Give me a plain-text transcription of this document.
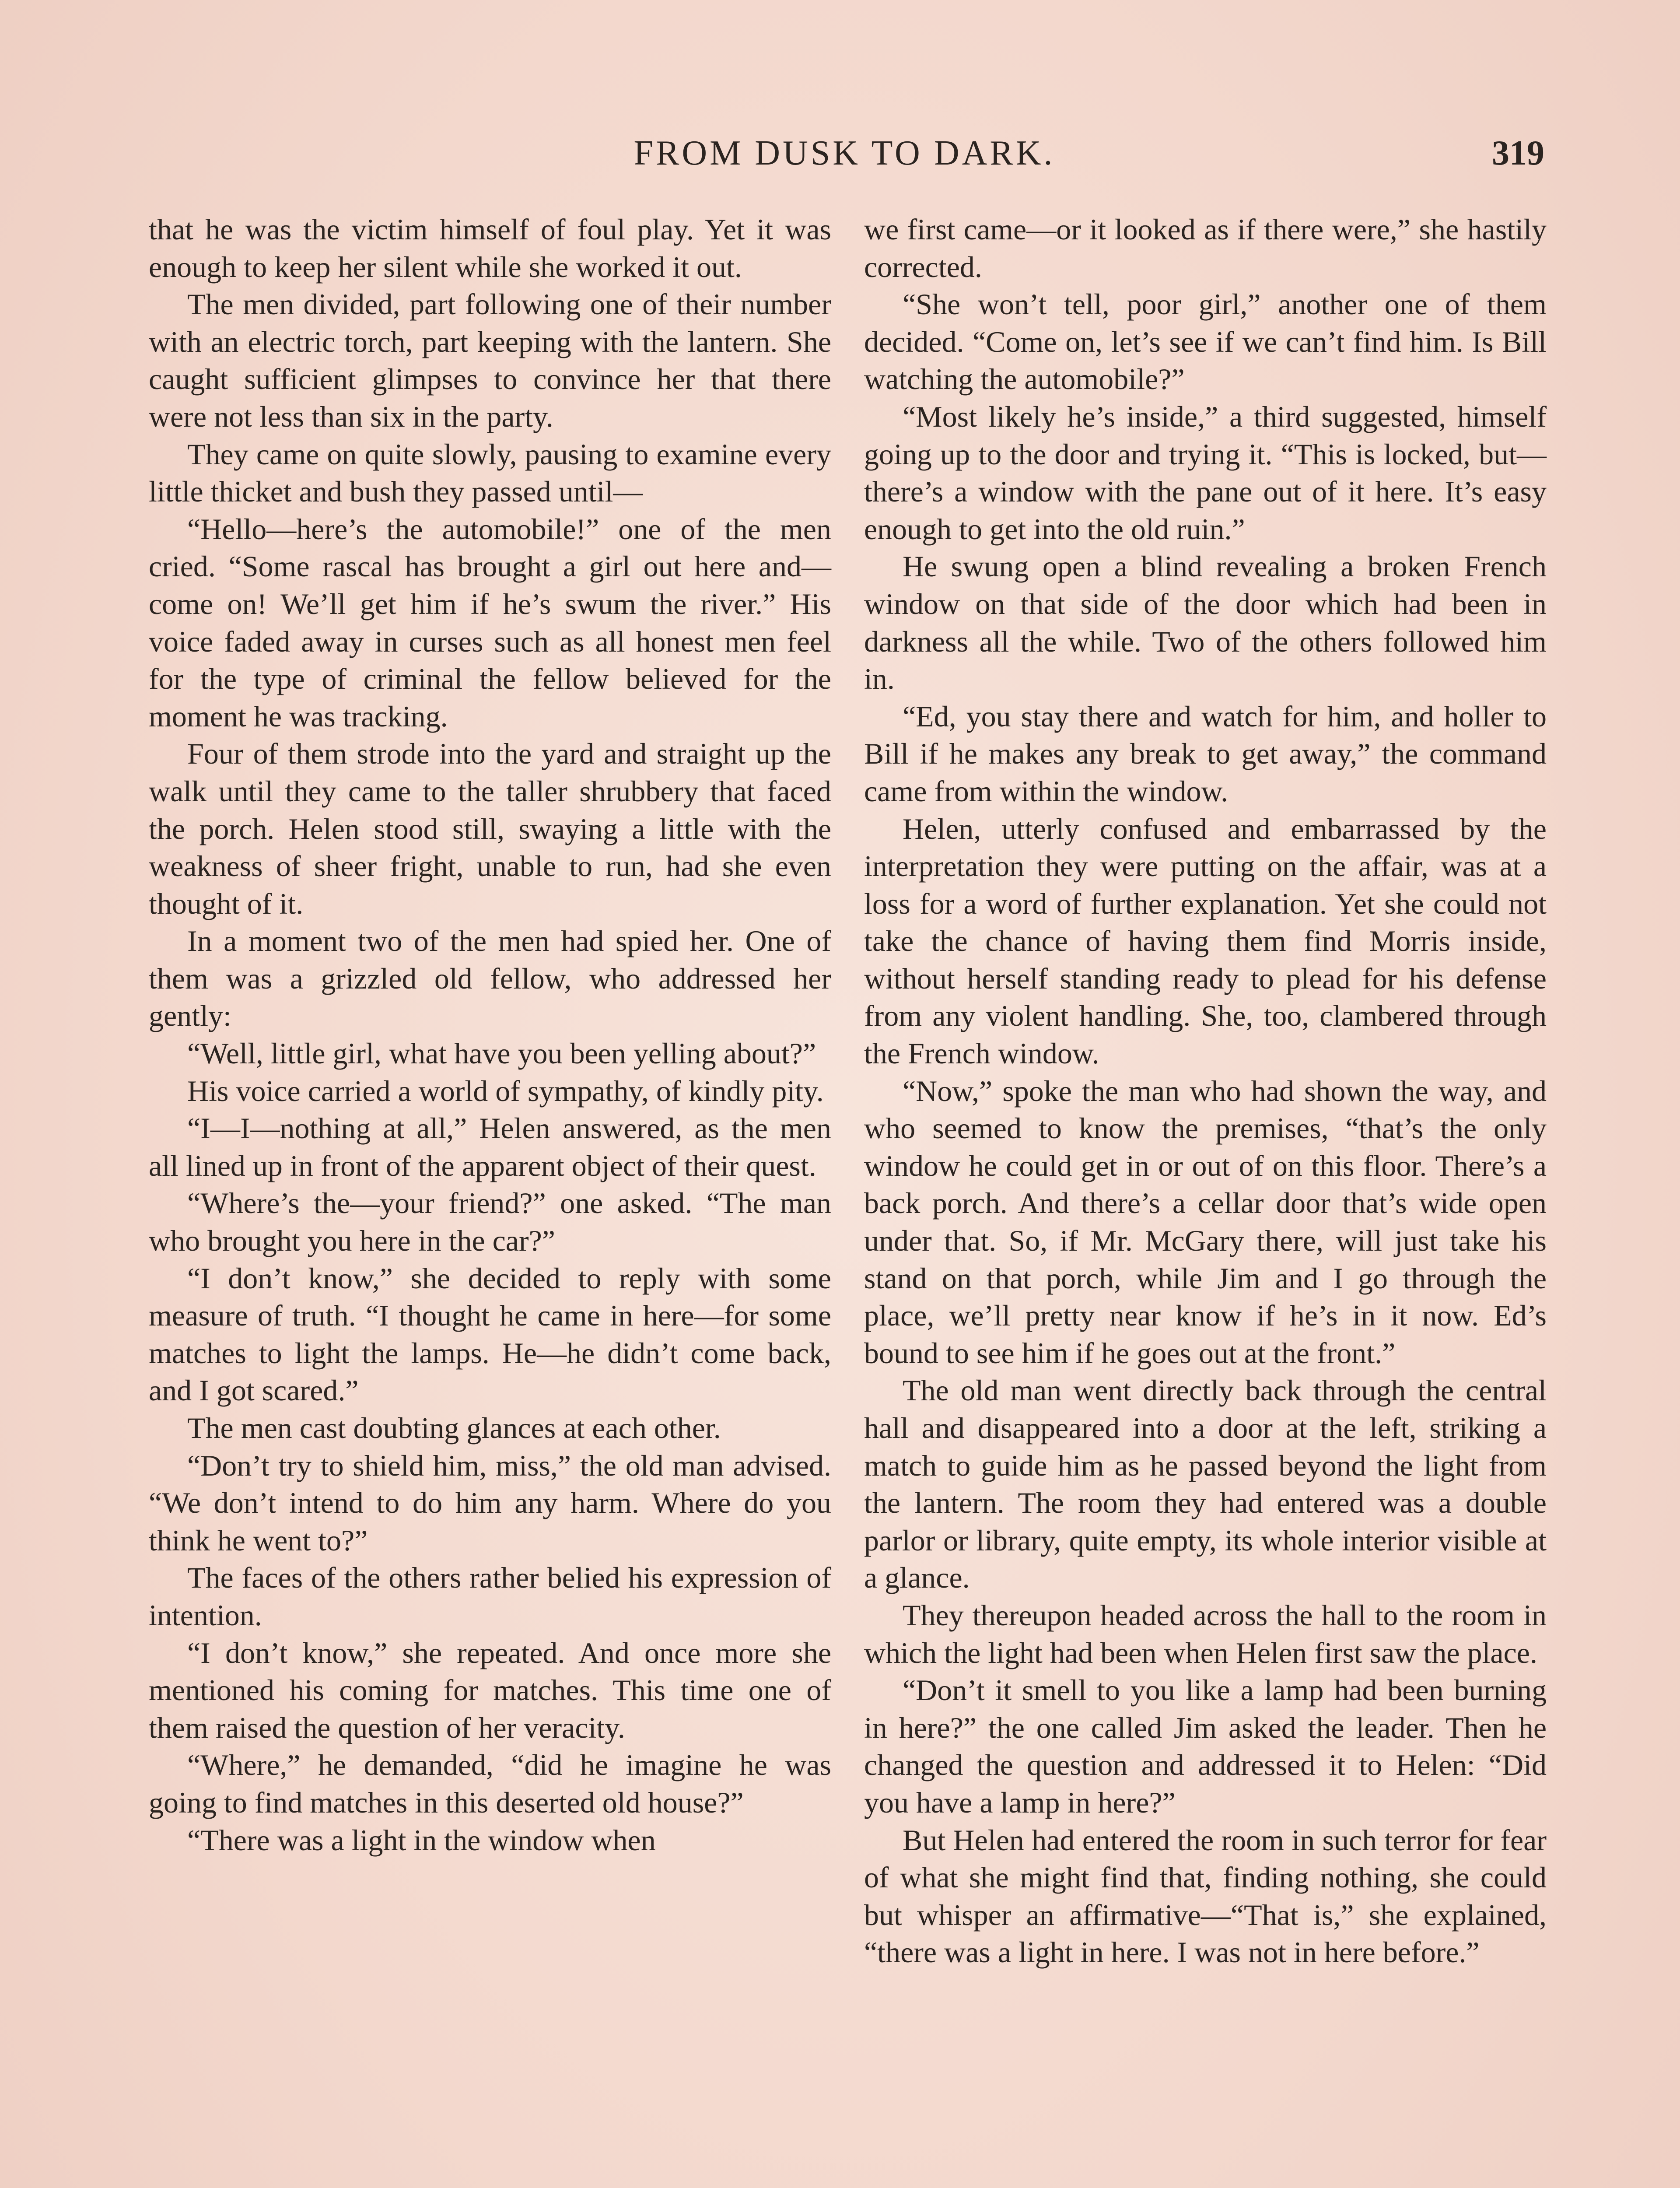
FROM DUSK TO DARK.	319

that he was the victim himself of foul play. Yet it was enough to keep her silent while she worked it out.

The men divided, part following one of their number with an electric torch, part keeping with the lantern. She caught sufficient glimpses to convince her that there were not less than six in the party.

They came on quite slowly, pausing to examine every little thicket and bush they passed until—

“Hello—here’s the automobile!” one of the men cried. “Some rascal has brought a girl out here and—come on! We’ll get him if he’s swum the river.” His voice faded away in curses such as all honest men feel for the type of criminal the fellow believed for the moment he was tracking.

Four of them strode into the yard and straight up the walk until they came to the taller shrubbery that faced the porch. Helen stood still, swaying a little with the weakness of sheer fright, unable to run, had she even thought of it.

In a moment two of the men had spied her. One of them was a grizzled old fellow, who addressed her gently:

“Well, little girl, what have you been yelling about?”

His voice carried a world of sympathy, of kindly pity.

“I—I—nothing at all,” Helen answered, as the men all lined up in front of the apparent object of their quest.

“Where’s the—your friend?” one asked. “The man who brought you here in the car?”

“I don’t know,” she decided to reply with some measure of truth. “I thought he came in here—for some matches to light the lamps. He—he didn’t come back, and I got scared.”

The men cast doubting glances at each other.

“Don’t try to shield him, miss,” the old man advised. “We don’t intend to do him any harm. Where do you think he went to?”

The faces of the others rather belied his expression of intention.

“I don’t know,” she repeated. And once more she mentioned his coming for matches. This time one of them raised the question of her veracity.

“Where,” he demanded, “did he imagine he was going to find matches in this deserted old house?”

“There was a light in the window when

we first came—or it looked as if there were,” she hastily corrected.

“She won’t tell, poor girl,” another one of them decided. “Come on, let’s see if we can’t find him. Is Bill watching the automobile?”

“Most likely he’s inside,” a third suggested, himself going up to the door and trying it. “This is locked, but—there’s a window with the pane out of it here. It’s easy enough to get into the old ruin.”

He swung open a blind revealing a broken French window on that side of the door which had been in darkness all the while. Two of the others followed him in.

“Ed, you stay there and watch for him, and holler to Bill if he makes any break to get away,” the command came from within the window.

Helen, utterly confused and embarrassed by the interpretation they were putting on the affair, was at a loss for a word of further explanation. Yet she could not take the chance of having them find Morris inside, without herself standing ready to plead for his defense from any violent handling. She, too, clambered through the French window.

“Now,” spoke the man who had shown the way, and who seemed to know the premises, “that’s the only window he could get in or out of on this floor. There’s a back porch. And there’s a cellar door that’s wide open under that. So, if Mr. McGary there, will just take his stand on that porch, while Jim and I go through the place, we’ll pretty near know if he’s in it now. Ed’s bound to see him if he goes out at the front.”

The old man went directly back through the central hall and disappeared into a door at the left, striking a match to guide him as he passed beyond the light from the lantern. The room they had entered was a double parlor or library, quite empty, its whole interior visible at a glance.

They thereupon headed across the hall to the room in which the light had been when Helen first saw the place.

“Don’t it smell to you like a lamp had been burning in here?” the one called Jim asked the leader. Then he changed the question and addressed it to Helen: “Did you have a lamp in here?”

But Helen had entered the room in such terror for fear of what she might find that, finding nothing, she could but whisper an affirmative—“That is,” she explained, “there was a light in here. I was not in here before.”
